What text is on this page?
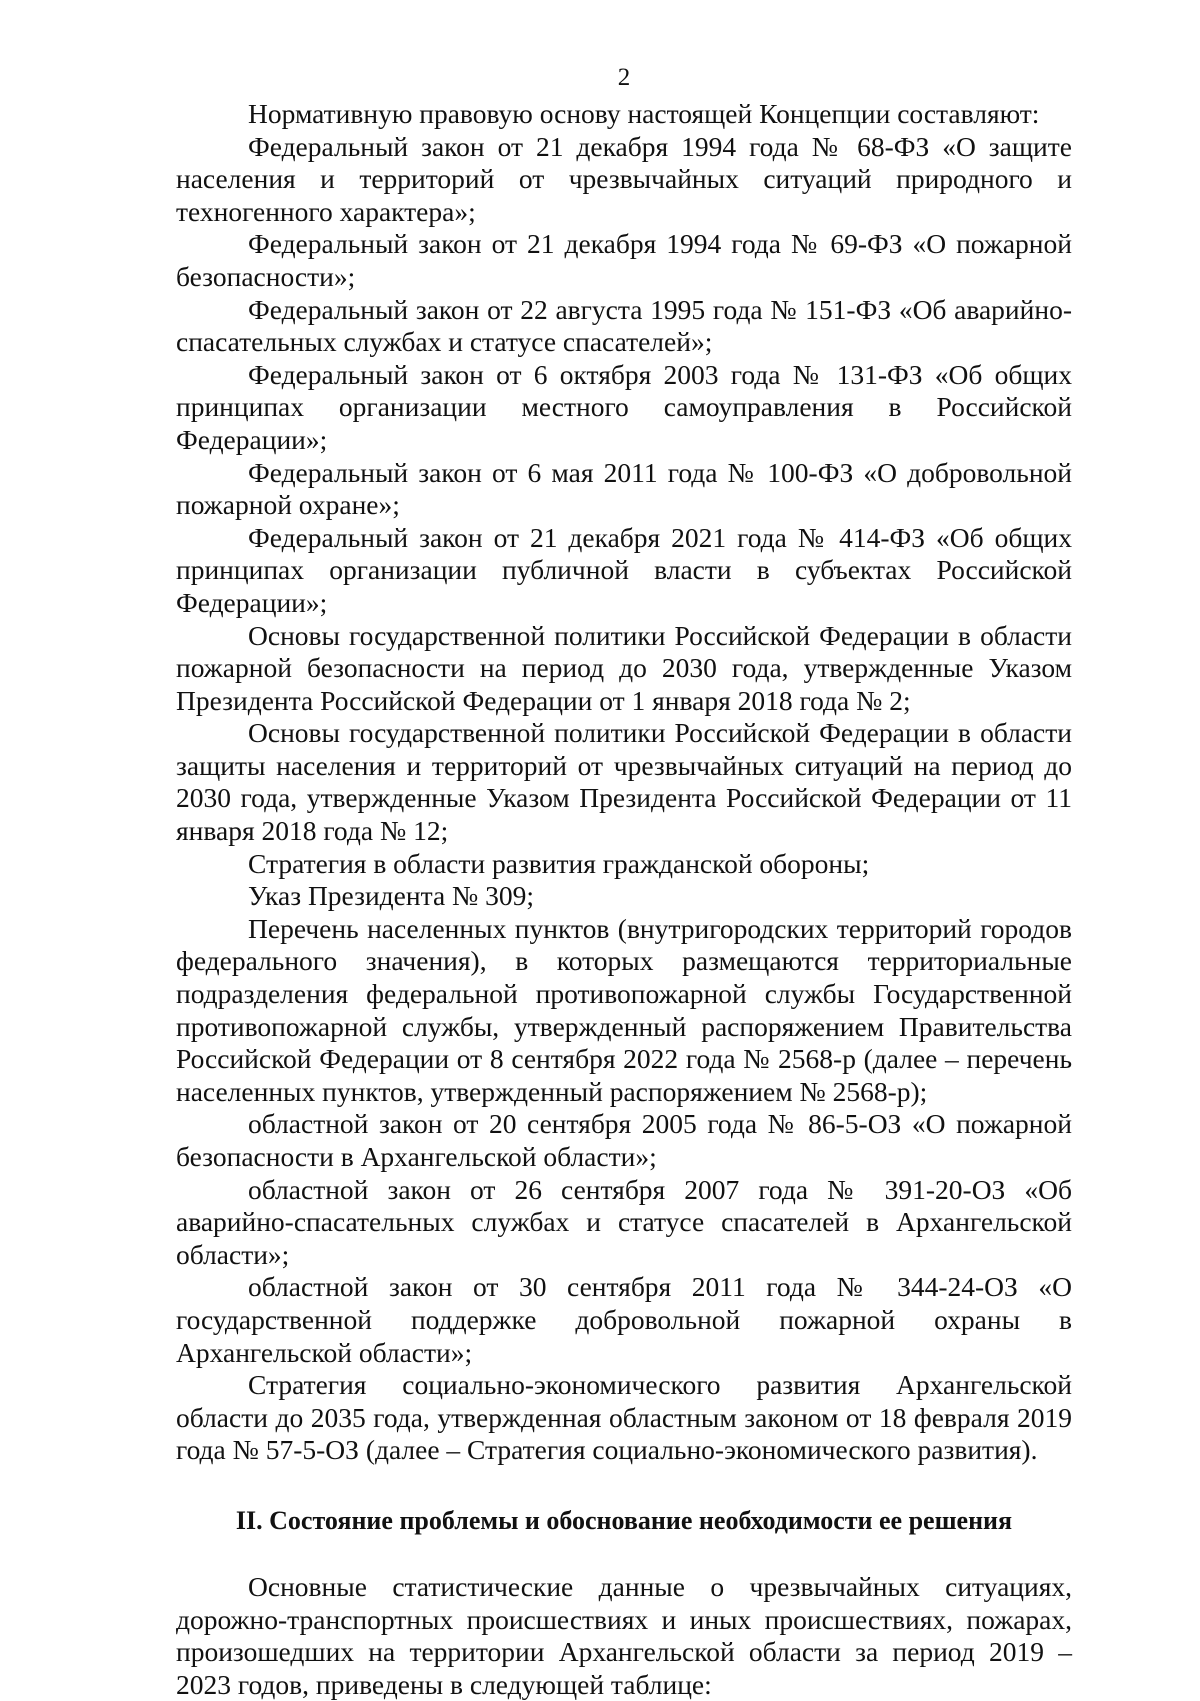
2

Нормативную правовую основу настоящей Концепции составляют:

Федеральный закон от 21 декабря 1994 года № 68-ФЗ «О защите населения и территорий от чрезвычайных ситуаций природного и техногенного характера»;

Федеральный закон от 21 декабря 1994 года № 69-ФЗ «О пожарной безопасности»;

Федеральный закон от 22 августа 1995 года № 151-ФЗ «Об аварийно-спасательных службах и статусе спасателей»;

Федеральный закон от 6 октября 2003 года № 131-ФЗ «Об общих принципах организации местного самоуправления в Российской Федерации»;

Федеральный закон от 6 мая 2011 года № 100-ФЗ «О добровольной пожарной охране»;

Федеральный закон от 21 декабря 2021 года № 414-ФЗ «Об общих принципах организации публичной власти в субъектах Российской Федерации»;

Основы государственной политики Российской Федерации в области пожарной безопасности на период до 2030 года, утвержденные Указом Президента Российской Федерации от 1 января 2018 года № 2;

Основы государственной политики Российской Федерации в области защиты населения и территорий от чрезвычайных ситуаций на период до 2030 года, утвержденные Указом Президента Российской Федерации от 11 января 2018 года № 12;

Стратегия в области развития гражданской обороны;

Указ Президента № 309;

Перечень населенных пунктов (внутригородских территорий городов федерального значения), в которых размещаются территориальные подразделения федеральной противопожарной службы Государственной противопожарной службы, утвержденный распоряжением Правительства Российской Федерации от 8 сентября 2022 года № 2568-р (далее – перечень населенных пунктов, утвержденный распоряжением № 2568-р);

областной закон от 20 сентября 2005 года № 86-5-ОЗ «О пожарной безопасности в Архангельской области»;

областной закон от 26 сентября 2007 года № 391-20-ОЗ «Об аварийно-спасательных службах и статусе спасателей в Архангельской области»;

областной закон от 30 сентября 2011 года № 344-24-ОЗ «О государственной поддержке добровольной пожарной охраны в Архангельской области»;

Стратегия социально-экономического развития Архангельской области до 2035 года, утвержденная областным законом от 18 февраля 2019 года № 57-5-ОЗ (далее – Стратегия социально-экономического развития).

II. Состояние проблемы и обоснование необходимости ее решения

Основные статистические данные о чрезвычайных ситуациях, дорожно-транспортных происшествиях и иных происшествиях, пожарах, произошедших на территории Архангельской области за период 2019 – 2023 годов, приведены в следующей таблице:
